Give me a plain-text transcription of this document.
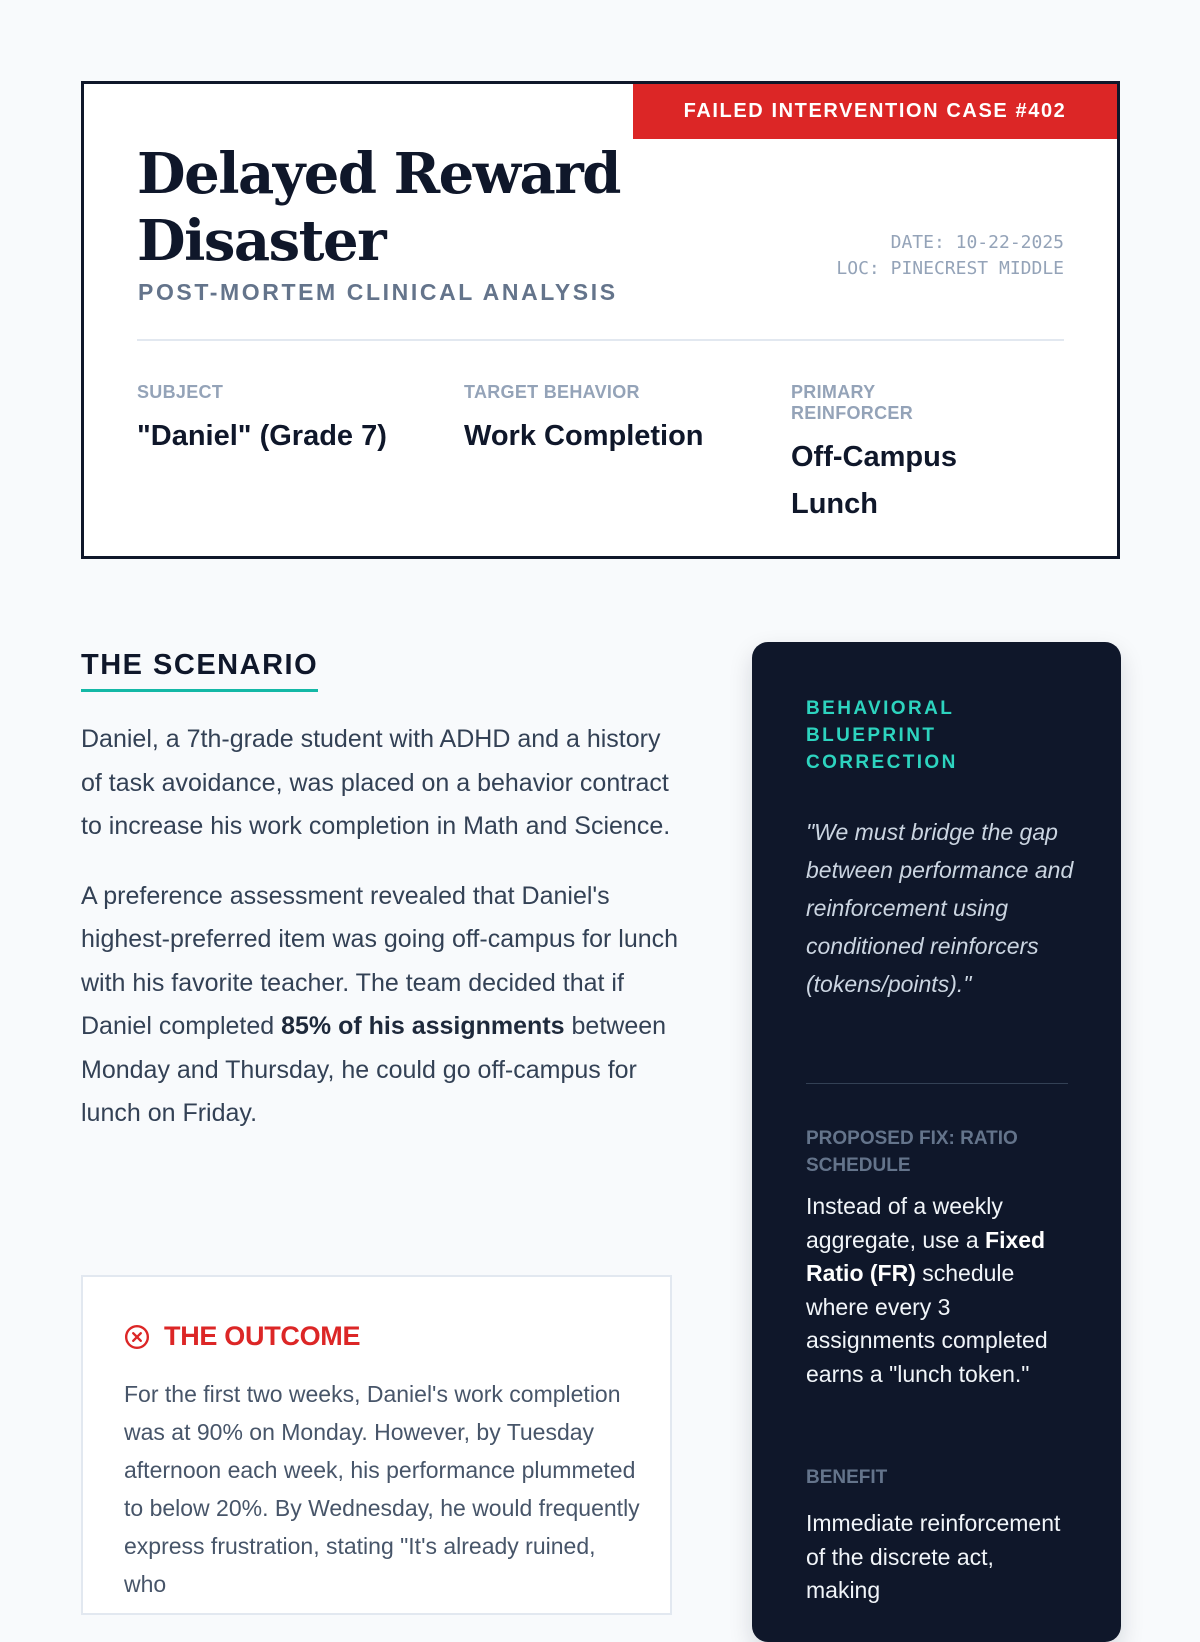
FAILED INTERVENTION CASE #402
Delayed Reward Disaster
POST-MORTEM CLINICAL ANALYSIS
DATE: 10-22-2025
LOC: PINECREST MIDDLE
SUBJECT
"Daniel" (Grade 7)
TARGET BEHAVIOR
Work Completion
PRIMARY REINFORCER
Off-Campus Lunch
THE SCENARIO

Daniel, a 7th-grade student with ADHD and a history of task avoidance, was placed on a behavior contract to increase his work completion in Math and Science.

A preference assessment revealed that Daniel's highest-preferred item was going off-campus for lunch with his favorite teacher. The team decided that if Daniel completed 85% of his assignments between Monday and Thursday, he could go off-campus for lunch on Friday.

THE OUTCOME
For the first two weeks, Daniel's work completion was at 90% on Monday. However, by Tuesday afternoon each week, his performance plummeted to below 20%. By Wednesday, he would frequently express frustration, stating "It's already ruined, who
BEHAVIORAL BLUEPRINT CORRECTION
"We must bridge the gap between performance and reinforcement using conditioned reinforcers (tokens/points)."
PROPOSED FIX: RATIO SCHEDULE
Instead of a weekly aggregate, use a Fixed Ratio (FR) schedule where every 3 assignments completed earns a "lunch token."
BENEFIT
Immediate reinforcement of the discrete act, making
